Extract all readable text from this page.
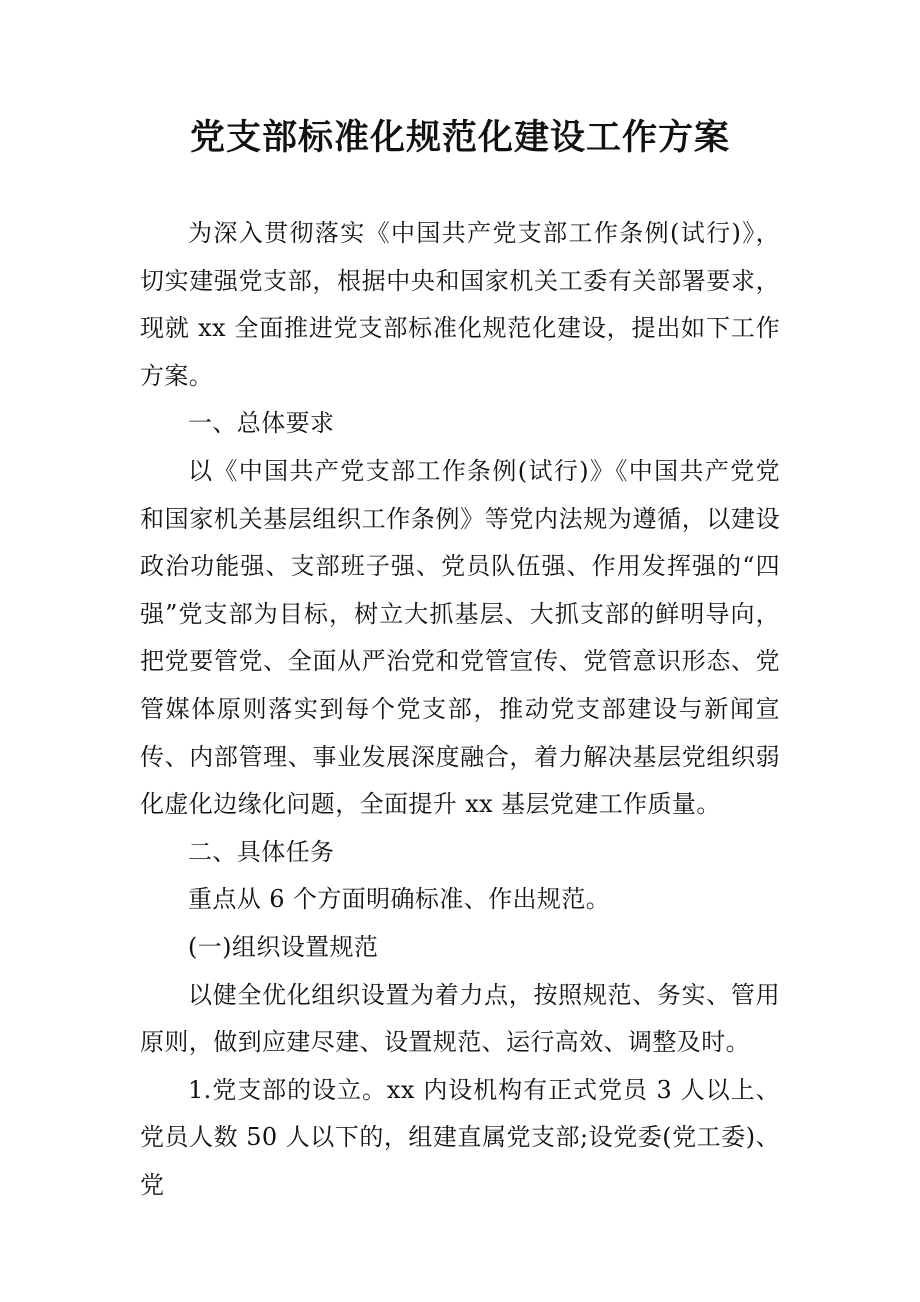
党支部标准化规范化建设工作方案

为深入贯彻落实《中国共产党支部工作条例(试行)》，切实建强党支部，根据中央和国家机关工委有关部署要求，现就 xx 全面推进党支部标准化规范化建设，提出如下工作方案。

一、总体要求

以《中国共产党支部工作条例(试行)》《中国共产党党和国家机关基层组织工作条例》等党内法规为遵循，以建设政治功能强、支部班子强、党员队伍强、作用发挥强的“四强”党支部为目标，树立大抓基层、大抓支部的鲜明导向，把党要管党、全面从严治党和党管宣传、党管意识形态、党管媒体原则落实到每个党支部，推动党支部建设与新闻宣传、内部管理、事业发展深度融合，着力解决基层党组织弱化虚化边缘化问题，全面提升 xx 基层党建工作质量。

二、具体任务

重点从 6 个方面明确标准、作出规范。

(一)组织设置规范

以健全优化组织设置为着力点，按照规范、务实、管用原则，做到应建尽建、设置规范、运行高效、调整及时。

1.党支部的设立。xx 内设机构有正式党员 3 人以上、党员人数 50 人以下的，组建直属党支部;设党委(党工委)、党
